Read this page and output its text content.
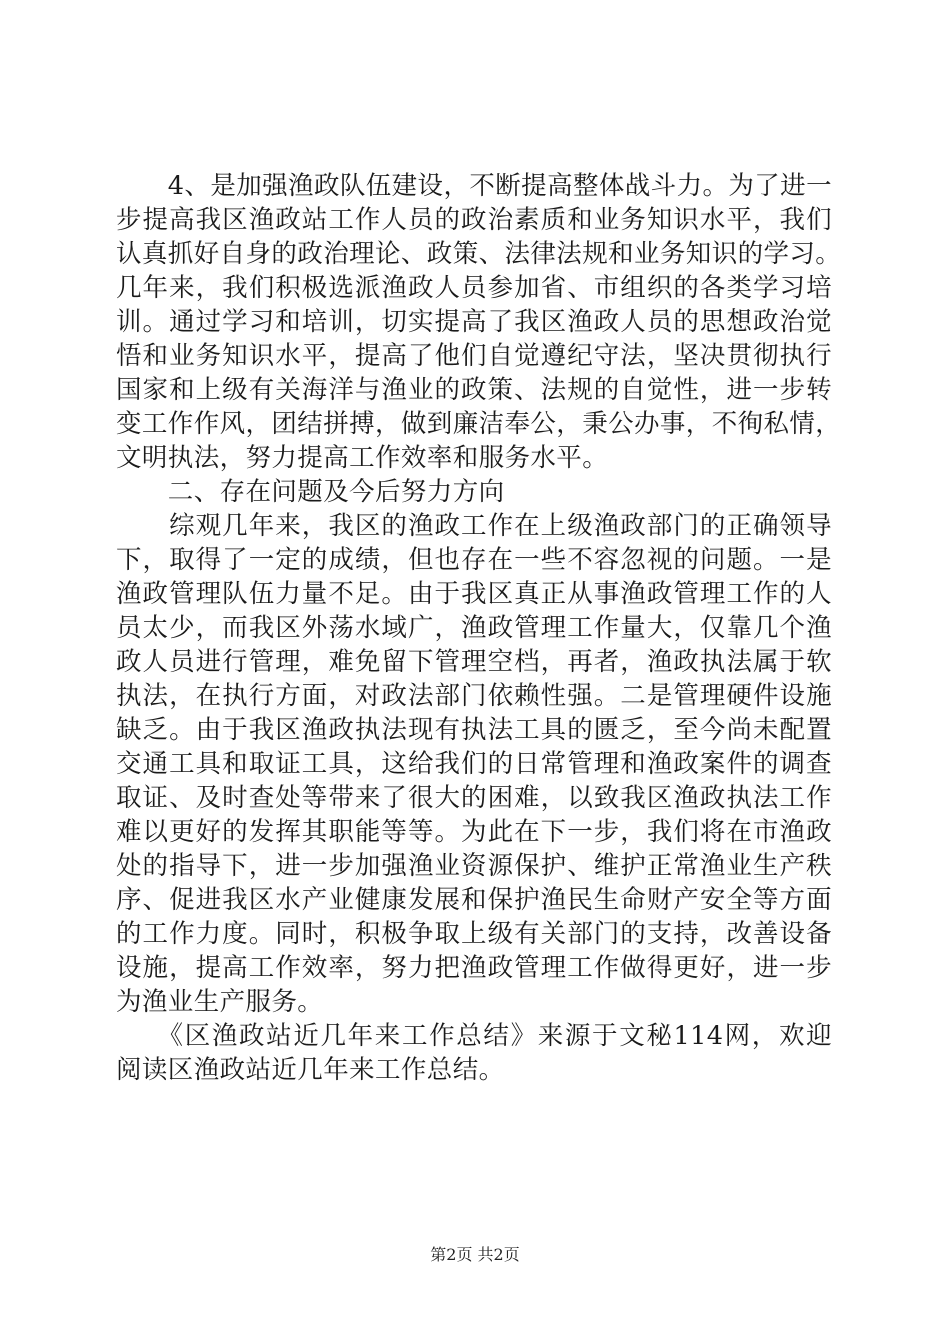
　　4、是加强渔政队伍建设，不断提高整体战斗力。为了进一
步提高我区渔政站工作人员的政治素质和业务知识水平，我们
认真抓好自身的政治理论、政策、法律法规和业务知识的学习。
几年来，我们积极选派渔政人员参加省、市组织的各类学习培
训。通过学习和培训，切实提高了我区渔政人员的思想政治觉
悟和业务知识水平，提高了他们自觉遵纪守法，坚决贯彻执行
国家和上级有关海洋与渔业的政策、法规的自觉性，进一步转
变工作作风，团结拼搏，做到廉洁奉公，秉公办事，不徇私情，
文明执法，努力提高工作效率和服务水平。
　　二、存在问题及今后努力方向
　　综观几年来，我区的渔政工作在上级渔政部门的正确领导
下，取得了一定的成绩，但也存在一些不容忽视的问题。一是
渔政管理队伍力量不足。由于我区真正从事渔政管理工作的人
员太少，而我区外荡水域广，渔政管理工作量大，仅靠几个渔
政人员进行管理，难免留下管理空档，再者，渔政执法属于软
执法，在执行方面，对政法部门依赖性强。二是管理硬件设施
缺乏。由于我区渔政执法现有执法工具的匮乏，至今尚未配置
交通工具和取证工具，这给我们的日常管理和渔政案件的调查
取证、及时查处等带来了很大的困难，以致我区渔政执法工作
难以更好的发挥其职能等等。为此在下一步，我们将在市渔政
处的指导下，进一步加强渔业资源保护、维护正常渔业生产秩
序、促进我区水产业健康发展和保护渔民生命财产安全等方面
的工作力度。同时，积极争取上级有关部门的支持，改善设备
设施，提高工作效率，努力把渔政管理工作做得更好，进一步
为渔业生产服务。
　　《区渔政站近几年来工作总结》来源于文秘114网，欢迎
阅读区渔政站近几年来工作总结。
第2页 共2页
